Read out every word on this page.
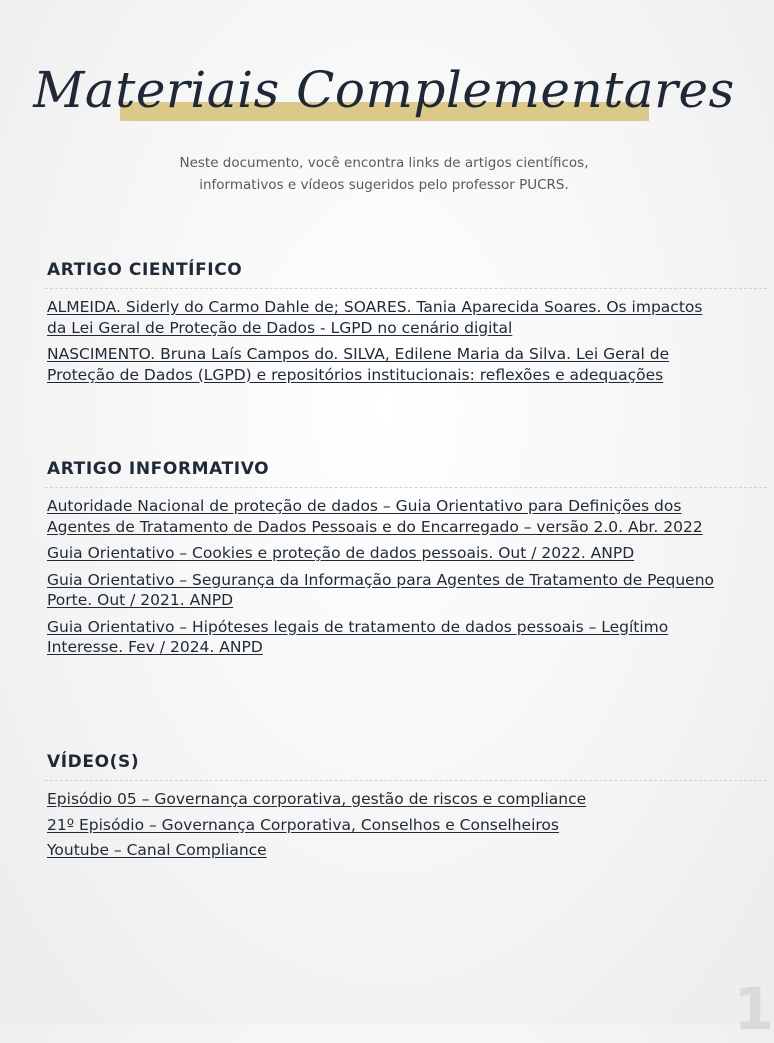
Materiais Complementares
Neste documento, você encontra links de artigos científicos,
informativos e vídeos sugeridos pelo professor PUCRS.
ARTIGO CIENTÍFICO
ALMEIDA. Siderly do Carmo Dahle de; SOARES. Tania Aparecida Soares. Os impactos da Lei Geral de Proteção de Dados - LGPD no cenário digital
NASCIMENTO. Bruna Laís Campos do. SILVA, Edilene Maria da Silva. Lei Geral de Proteção de Dados (LGPD) e repositórios institucionais: reflexões e adequações
ARTIGO INFORMATIVO
Autoridade Nacional de proteção de dados – Guia Orientativo para Definições dos Agentes de Tratamento de Dados Pessoais e do Encarregado – versão 2.0. Abr. 2022
Guia Orientativo – Cookies e proteção de dados pessoais. Out / 2022. ANPD
Guia Orientativo – Segurança da Informação para Agentes de Tratamento de Pequeno Porte. Out / 2021. ANPD
Guia Orientativo – Hipóteses legais de tratamento de dados pessoais – Legítimo Interesse. Fev / 2024. ANPD
VÍDEO(S)
Episódio 05 – Governança corporativa, gestão de riscos e compliance
21º Episódio – Governança Corporativa, Conselhos e Conselheiros
Youtube – Canal Compliance
1
